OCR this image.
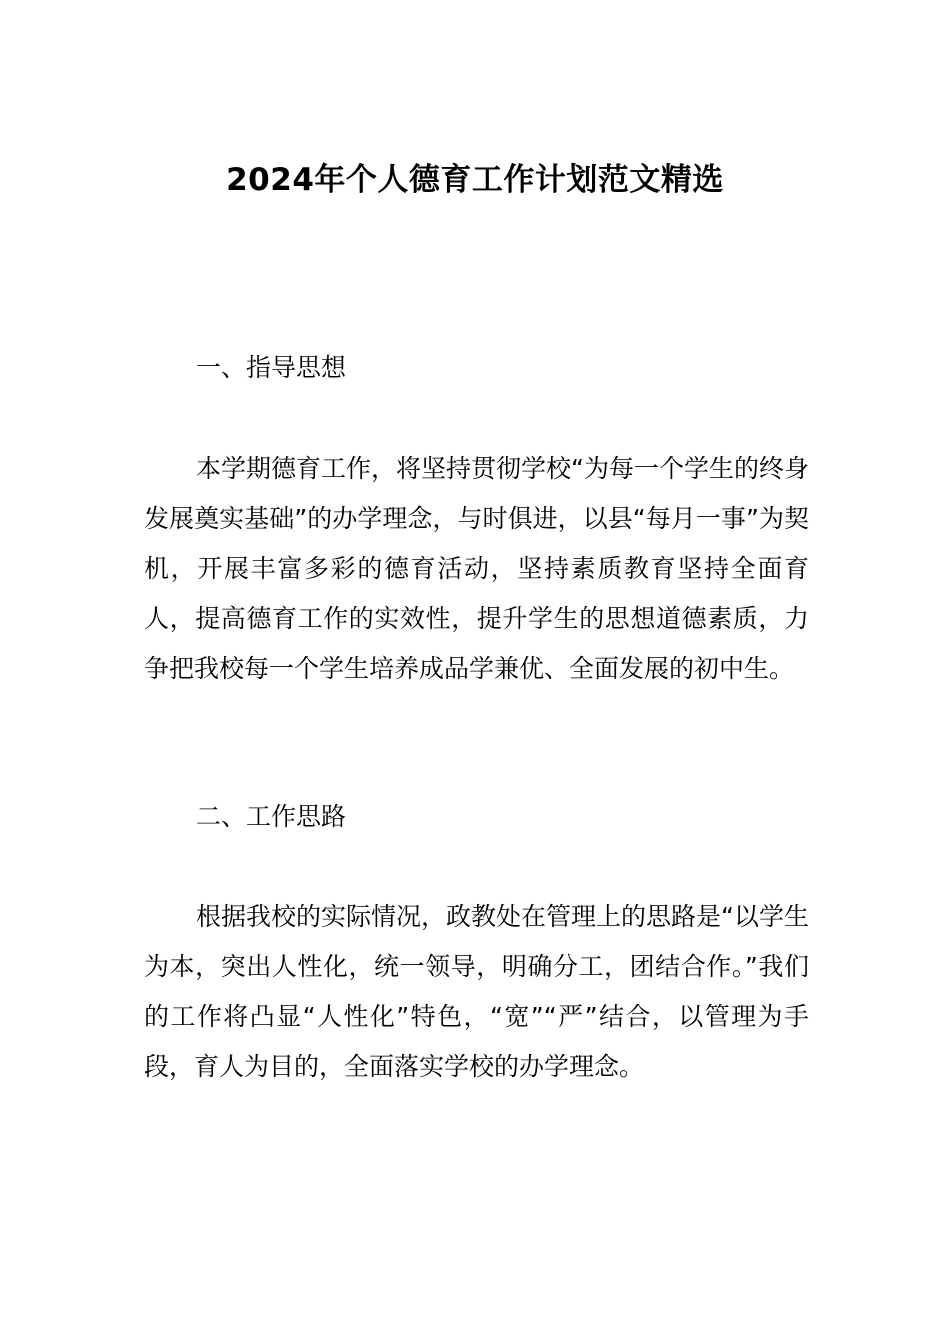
2024年个人德育工作计划范文精选
一、指导思想

本学期德育工作，将坚持贯彻学校“为每一个学生的终身发展奠实基础”的办学理念，与时俱进，以县“每月一事”为契机，开展丰富多彩的德育活动，坚持素质教育坚持全面育人，提高德育工作的实效性，提升学生的思想道德素质，力争把我校每一个学生培养成品学兼优、全面发展的初中生。

二、工作思路

根据我校的实际情况，政教处在管理上的思路是“以学生为本，突出人性化，统一领导，明确分工，团结合作。”我们的工作将凸显“人性化”特色，“宽”“严”结合，以管理为手段，育人为目的，全面落实学校的办学理念。
